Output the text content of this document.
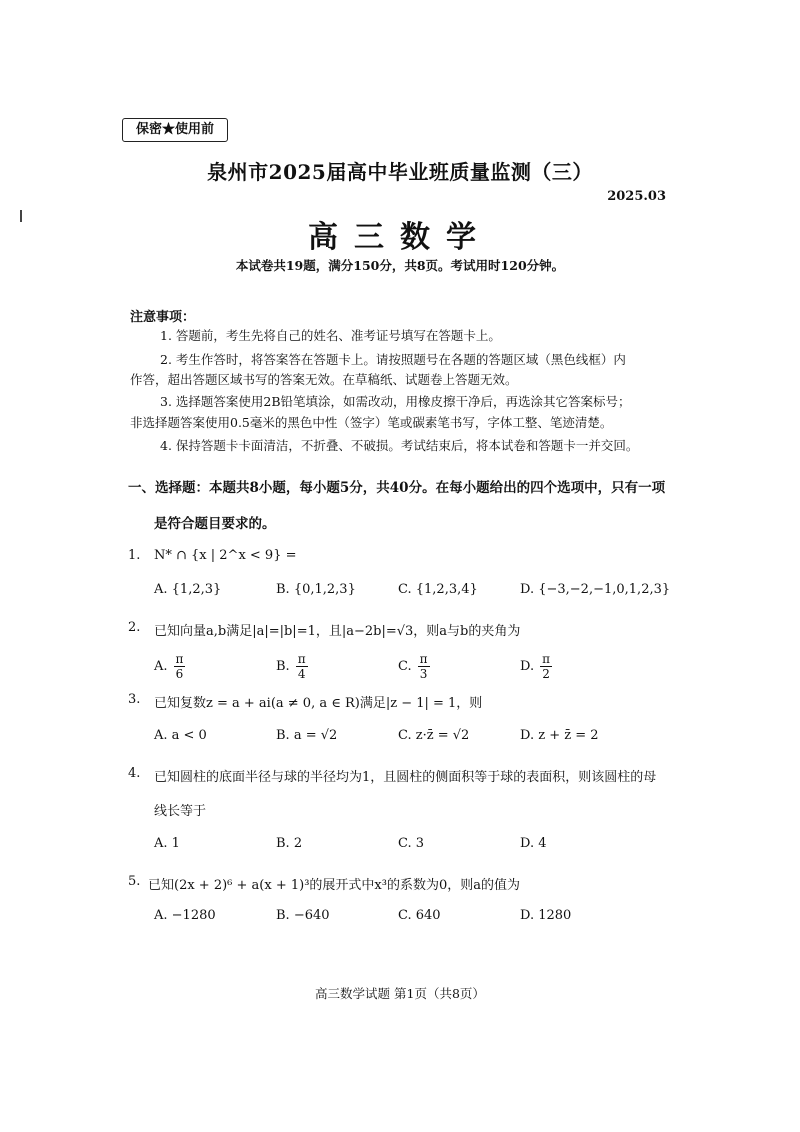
保密★使用前
泉州市2025届高中毕业班质量监测（三）
2025.03
高三数学
本试卷共19题，满分150分，共8页。考试用时120分钟。
注意事项：
1. 答题前，考生先将自己的姓名、准考证号填写在答题卡上。
2. 考生作答时，将答案答在答题卡上。请按照题号在各题的答题区域（黑色线框）内
作答，超出答题区域书写的答案无效。在草稿纸、试题卷上答题无效。
3. 选择题答案使用2B铅笔填涂，如需改动，用橡皮擦干净后，再选涂其它答案标号；
非选择题答案使用0.5毫米的黑色中性（签字）笔或碳素笔书写，字体工整、笔迹清楚。
4. 保持答题卡卡面清洁，不折叠、不破损。考试结束后，将本试卷和答题卡一并交回。
一、选择题：本题共8小题，每小题5分，共40分。在每小题给出的四个选项中，只有一项
是符合题目要求的。
1. N* ∩ {x | 2^x < 9} =
A. {1,2,3}	B. {0,1,2,3}	C. {1,2,3,4}	D. {−3,−2,−1,0,1,2,3}
2. 已知向量a,b满足|a|=|b|=1，且|a−2b|=√3，则a与b的夹角为
A. $\frac{\pi}{6}$	B. $\frac{\pi}{4}$	C. $\frac{\pi}{3}$	D. $\frac{\pi}{2}$
3. 已知复数z = a + ai(a ≠ 0, a ∈ R)满足|z − 1| = 1，则
A. a < 0	B. a = √2	C. z·z̄ = √2	D. z + z̄ = 2
4. 已知圆柱的底面半径与球的半径均为1，且圆柱的侧面积等于球的表面积，则该圆柱的母
线长等于
A. 1	B. 2	C. 3	D. 4
5. 已知(2x + 2)⁶ + a(x + 1)³的展开式中x³的系数为0，则a的值为
A. −1280	B. −640	C. 640	D. 1280
高三数学试题 第1页（共8页）
